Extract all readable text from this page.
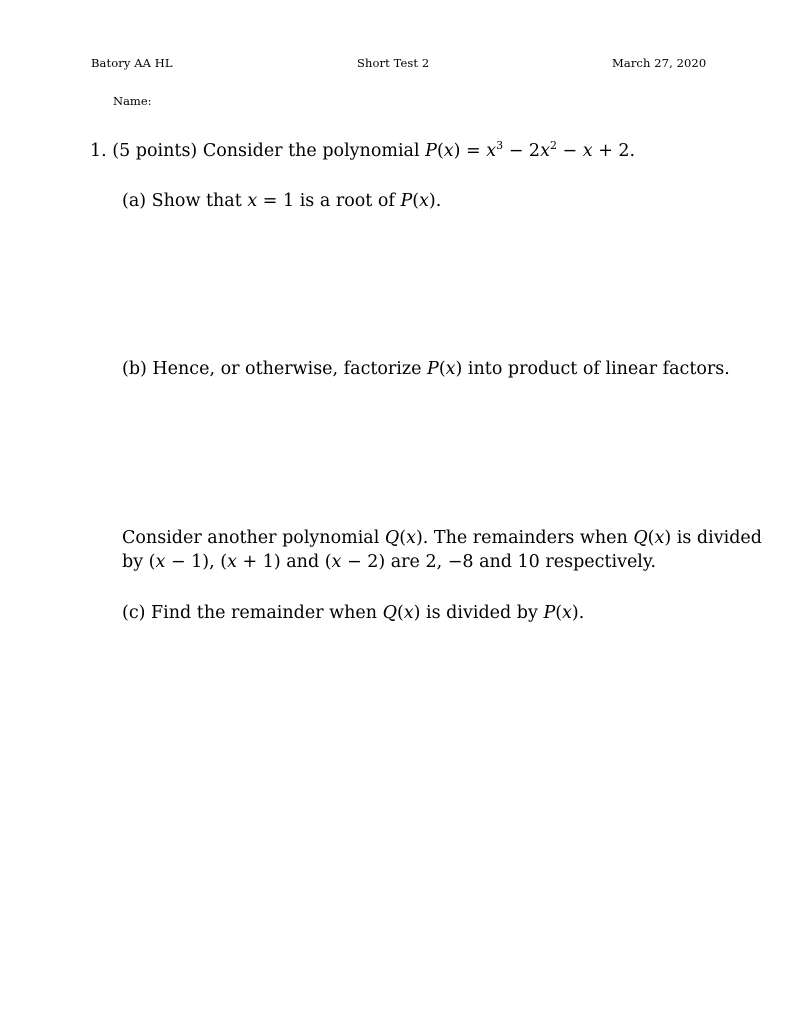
Batory AA HL	Short Test 2	March 27, 2020
Name:
1. (5 points) Consider the polynomial $P(x) = x^3 - 2x^2 - x + 2$.
(a) Show that x = 1 is a root of P(x).
(b) Hence, or otherwise, factorize P(x) into product of linear factors.
Consider another polynomial Q(x). The remainders when Q(x) is divided
by (x − 1), (x + 1) and (x − 2) are 2, −8 and 10 respectively.
(c) Find the remainder when Q(x) is divided by P(x).
